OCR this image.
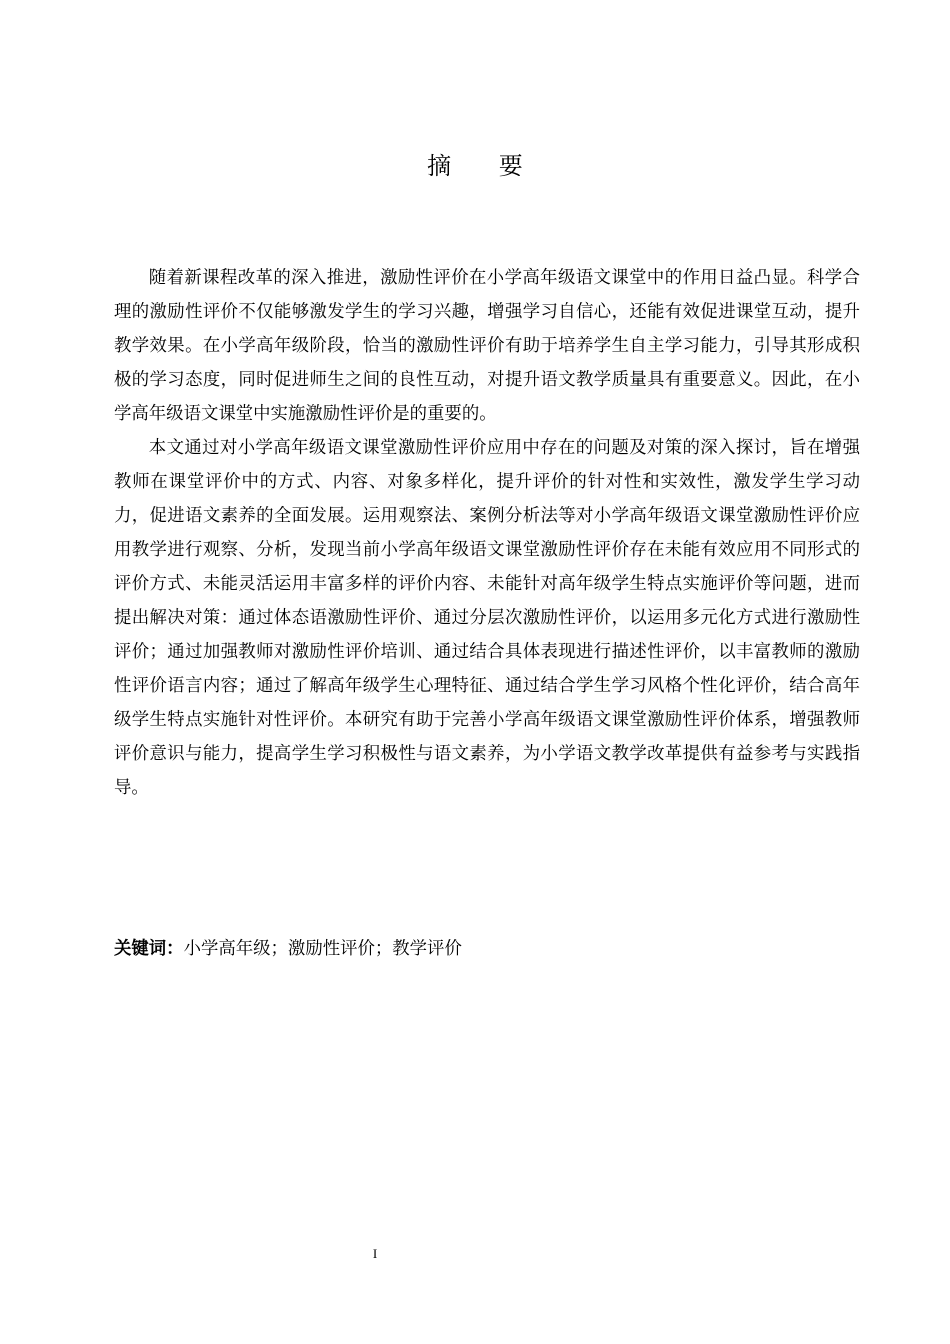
摘 要

随着新课程改革的深入推进，激励性评价在小学高年级语文课堂中的作用日益凸显。科学合理的激励性评价不仅能够激发学生的学习兴趣，增强学习自信心，还能有效促进课堂互动，提升教学效果。在小学高年级阶段，恰当的激励性评价有助于培养学生自主学习能力，引导其形成积极的学习态度，同时促进师生之间的良性互动，对提升语文教学质量具有重要意义。因此，在小学高年级语文课堂中实施激励性评价是的重要的。

本文通过对小学高年级语文课堂激励性评价应用中存在的问题及对策的深入探讨，旨在增强教师在课堂评价中的方式、内容、对象多样化，提升评价的针对性和实效性，激发学生学习动力，促进语文素养的全面发展。运用观察法、案例分析法等对小学高年级语文课堂激励性评价应用教学进行观察、分析，发现当前小学高年级语文课堂激励性评价存在未能有效应用不同形式的评价方式、未能灵活运用丰富多样的评价内容、未能针对高年级学生特点实施评价等问题，进而提出解决对策：通过体态语激励性评价、通过分层次激励性评价，以运用多元化方式进行激励性评价；通过加强教师对激励性评价培训、通过结合具体表现进行描述性评价，以丰富教师的激励性评价语言内容；通过了解高年级学生心理特征、通过结合学生学习风格个性化评价，结合高年级学生特点实施针对性评价。本研究有助于完善小学高年级语文课堂激励性评价体系，增强教师评价意识与能力，提高学生学习积极性与语文素养，为小学语文教学改革提供有益参考与实践指导。

关键词：小学高年级；激励性评价；教学评价
I
